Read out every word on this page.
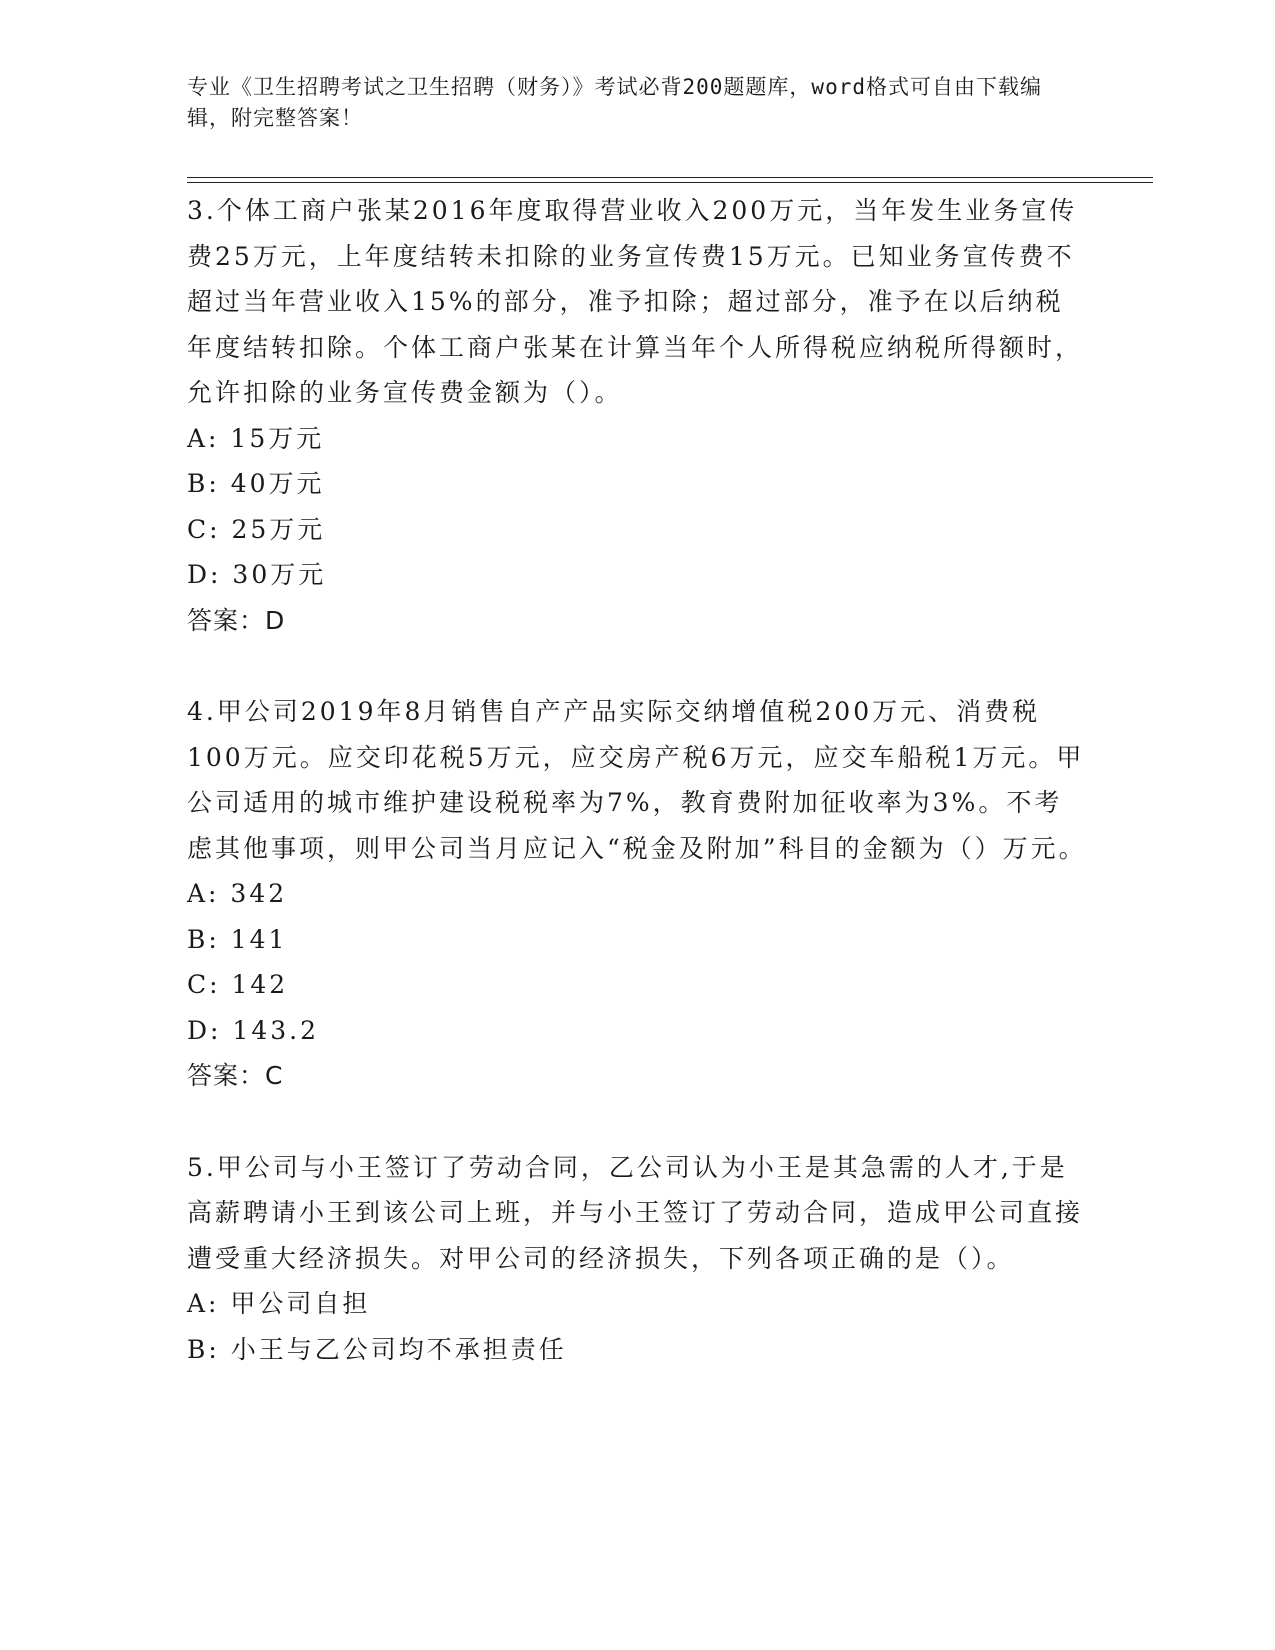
专业《卫生招聘考试之卫生招聘（财务）》考试必背200题题库，word格式可自由下载编辑，附完整答案！
3.个体工商户张某2016年度取得营业收入200万元，当年发生业务宣传费25万元，上年度结转未扣除的业务宣传费15万元。已知业务宣传费不超过当年营业收入15%的部分，准予扣除；超过部分，准予在以后纳税年度结转扣除。个体工商户张某在计算当年个人所得税应纳税所得额时，允许扣除的业务宣传费金额为（）。
A: 15万元
B: 40万元
C: 25万元
D: 30万元
答案：D
4.甲公司2019年8月销售自产产品实际交纳增值税200万元、消费税100万元。应交印花税5万元，应交房产税6万元，应交车船税1万元。甲公司适用的城市维护建设税税率为7%，教育费附加征收率为3%。不考虑其他事项，则甲公司当月应记入“税金及附加”科目的金额为（）万元。
A: 342
B: 141
C: 142
D: 143.2
答案：C
5.甲公司与小王签订了劳动合同，乙公司认为小王是其急需的人才,于是高薪聘请小王到该公司上班，并与小王签订了劳动合同，造成甲公司直接遭受重大经济损失。对甲公司的经济损失，下列各项正确的是（）。
A: 甲公司自担
B: 小王与乙公司均不承担责任
